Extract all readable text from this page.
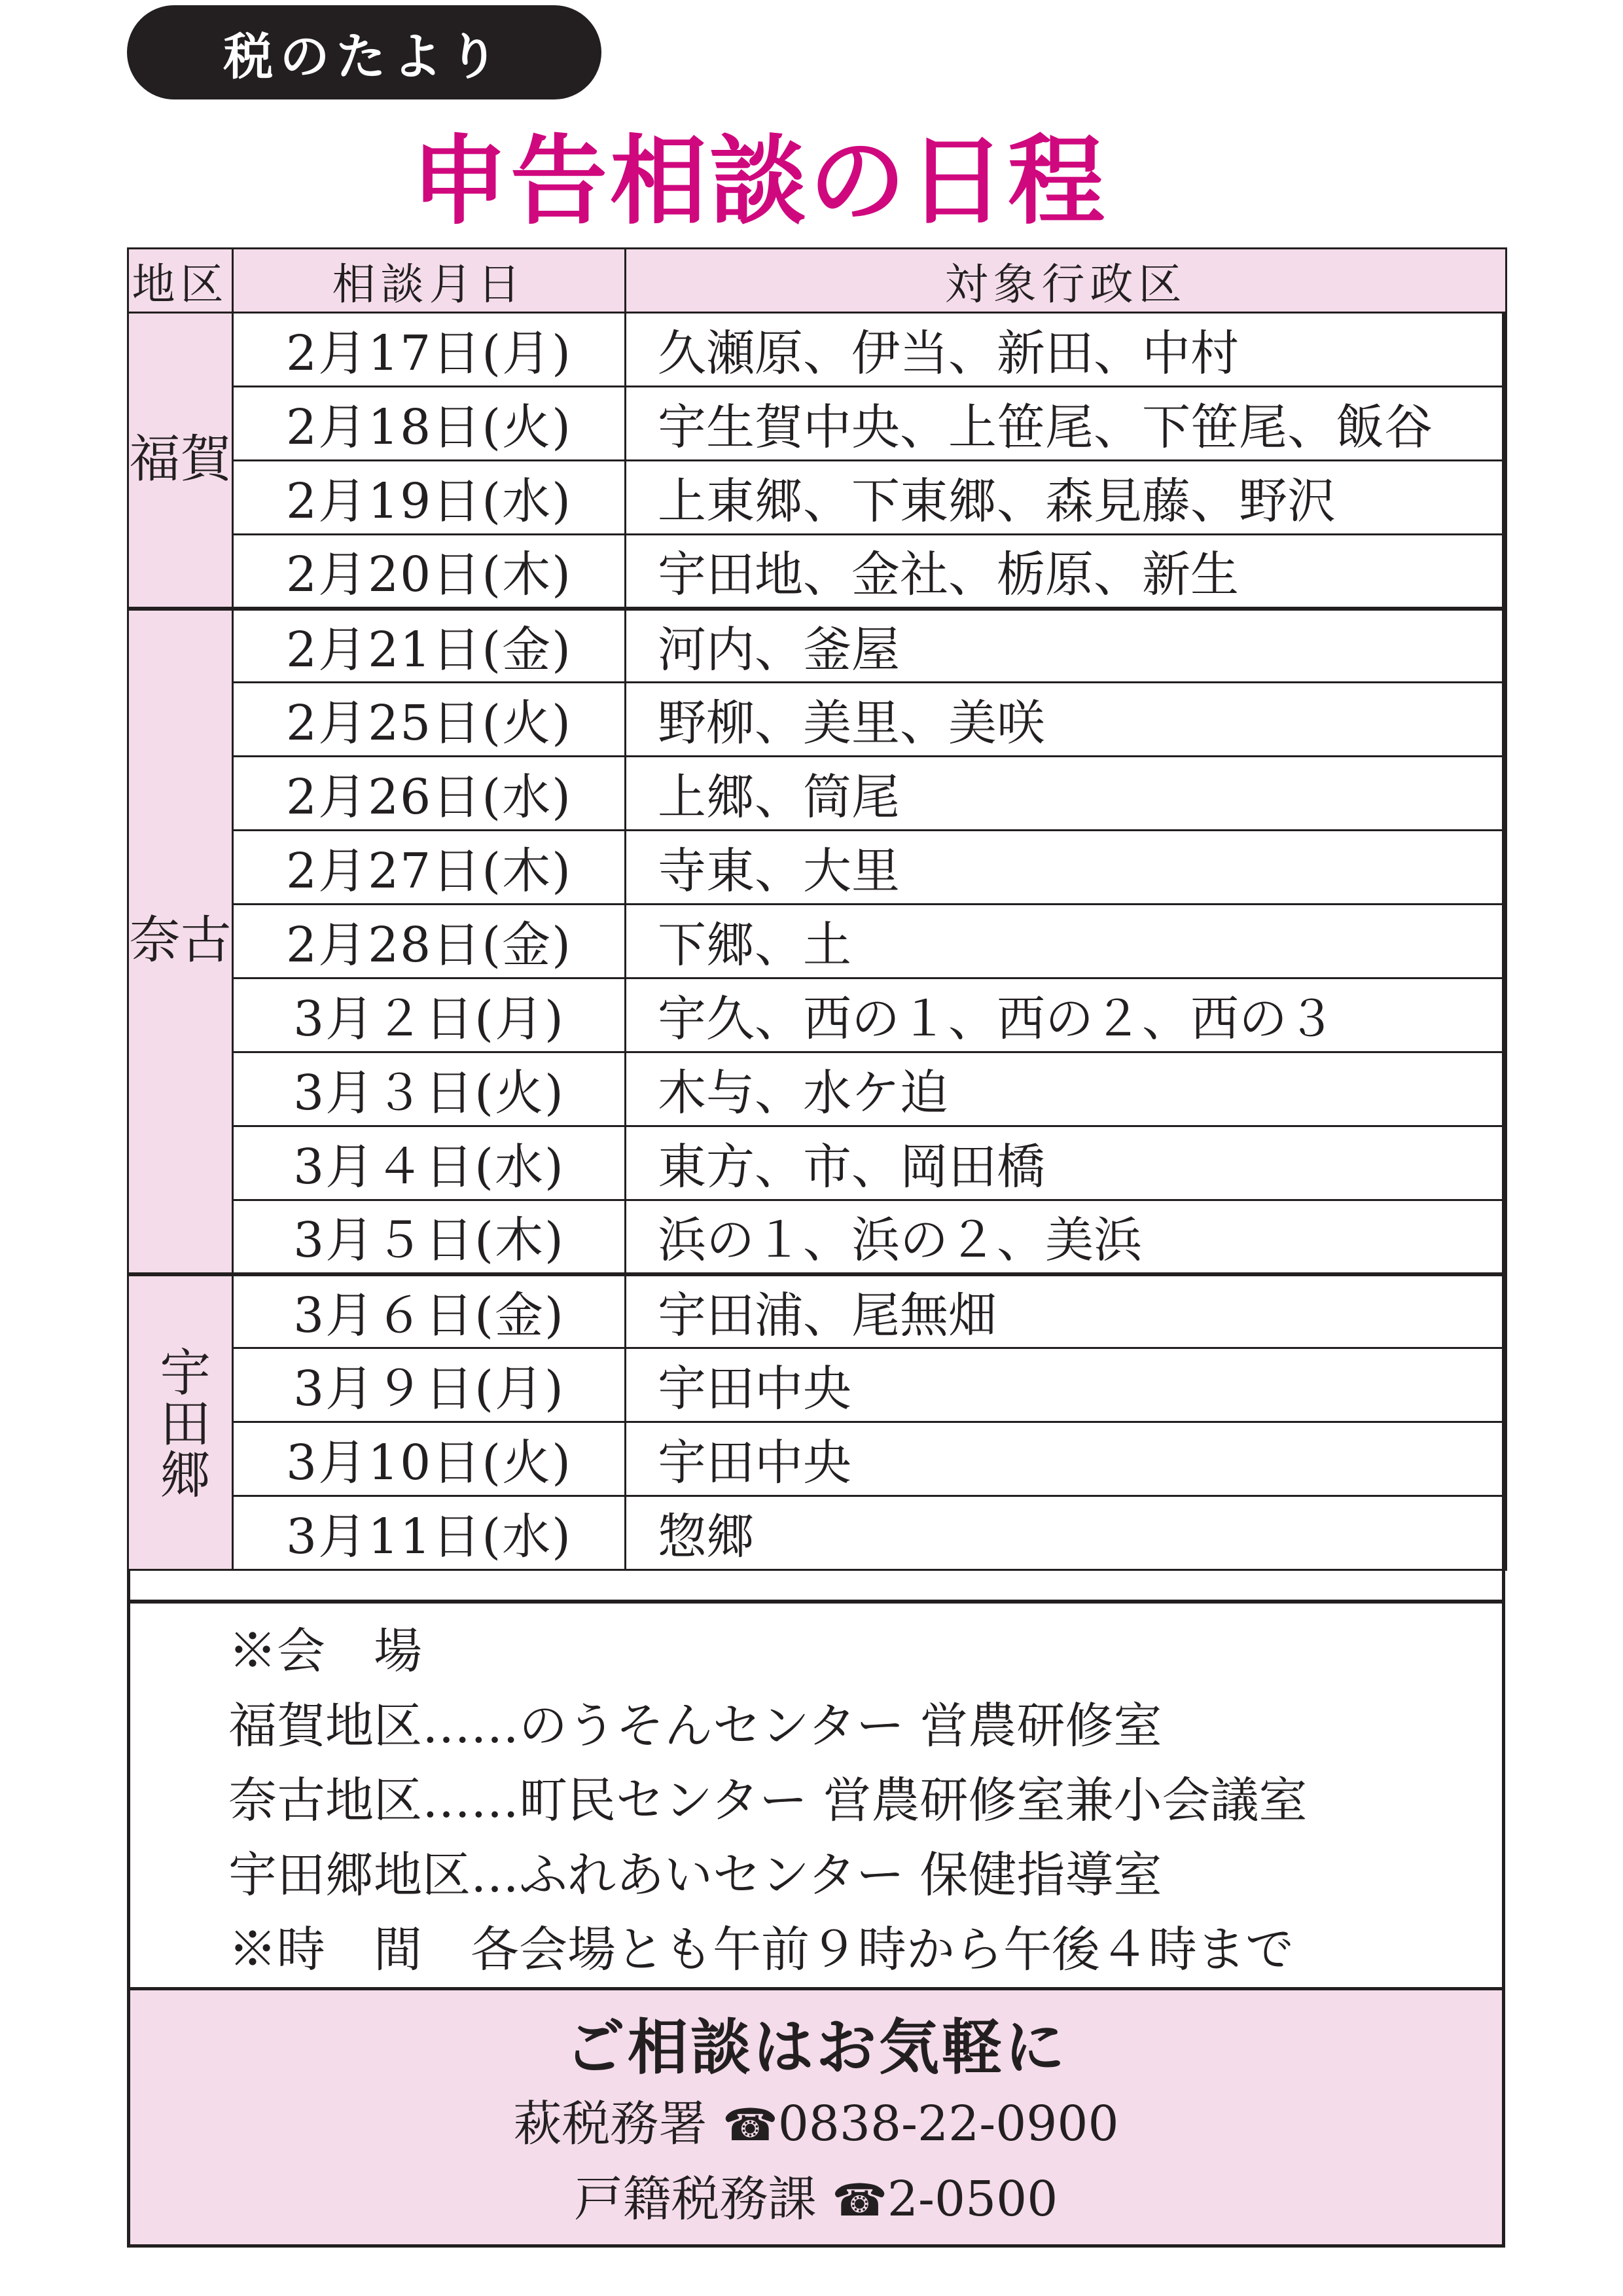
税のたより
申告相談の日程
地区	相談月日	対象行政区

福賀	2月17日(月)	久瀬原、伊当、新田、中村
	2月18日(火)	宇生賀中央、上笹尾、下笹尾、飯谷
	2月19日(水)	上東郷、下東郷、森見藤、野沢
	2月20日(木)	宇田地、金社、栃原、新生

奈古	2月21日(金)	河内、釜屋
	2月25日(火)	野柳、美里、美咲
	2月26日(水)	上郷、筒尾
	2月27日(木)	寺東、大里
	2月28日(金)	下郷、土
	3月２日(月)	宇久、西の１、西の２、西の３
	3月３日(火)	木与、水ケ迫
	3月４日(水)	東方、市、岡田橋
	3月５日(木)	浜の１、浜の２、美浜

宇田郷	3月６日(金)	宇田浦、尾無畑
	3月９日(月)	宇田中央
	3月10日(火)	宇田中央
	3月11日(水)	惣郷
※会　場
福賀地区……のうそんセンター 営農研修室
奈古地区……町民センター 営農研修室兼小会議室
宇田郷地区…ふれあいセンター 保健指導室
※時　間　各会場とも午前９時から午後４時まで
ご相談はお気軽に
萩税務署 ☎0838-22-0900
戸籍税務課 ☎2-0500
